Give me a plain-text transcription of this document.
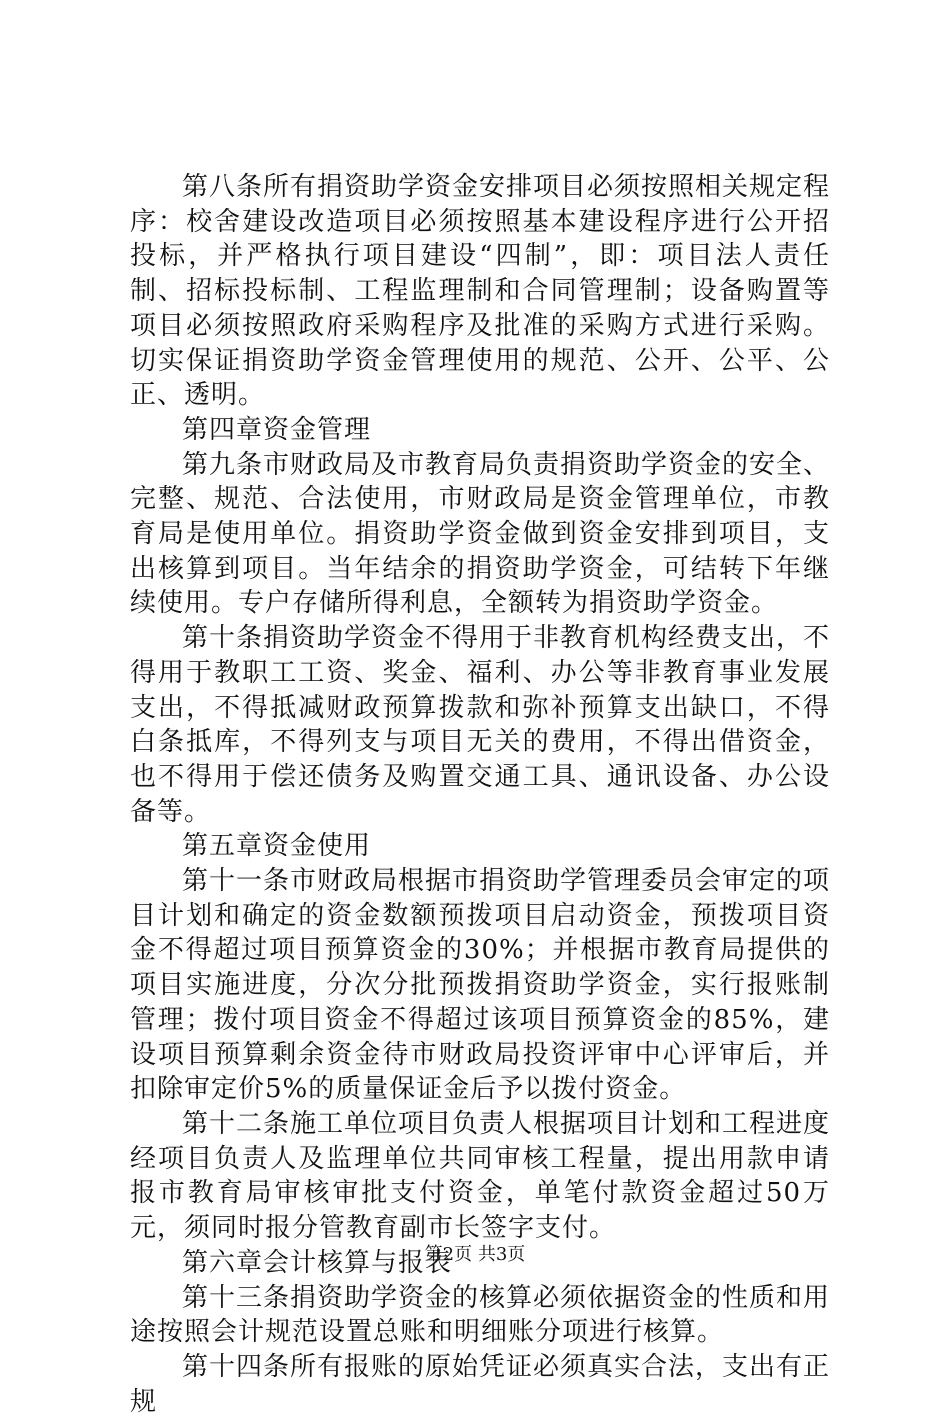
第八条所有捐资助学资金安排项目必须按照相关规定程序：校舍建设改造项目必须按照基本建设程序进行公开招投标，并严格执行项目建设“四制”，即：项目法人责任制、招标投标制、工程监理制和合同管理制；设备购置等项目必须按照政府采购程序及批准的采购方式进行采购。切实保证捐资助学资金管理使用的规范、公开、公平、公正、透明。

第四章资金管理

第九条市财政局及市教育局负责捐资助学资金的安全、完整、规范、合法使用，市财政局是资金管理单位，市教育局是使用单位。捐资助学资金做到资金安排到项目，支出核算到项目。当年结余的捐资助学资金，可结转下年继续使用。专户存储所得利息，全额转为捐资助学资金。

第十条捐资助学资金不得用于非教育机构经费支出，不得用于教职工工资、奖金、福利、办公等非教育事业发展支出，不得抵减财政预算拨款和弥补预算支出缺口，不得白条抵库，不得列支与项目无关的费用，不得出借资金，也不得用于偿还债务及购置交通工具、通讯设备、办公设备等。

第五章资金使用

第十一条市财政局根据市捐资助学管理委员会审定的项目计划和确定的资金数额预拨项目启动资金，预拨项目资金不得超过项目预算资金的30%；并根据市教育局提供的项目实施进度，分次分批预拨捐资助学资金，实行报账制管理；拨付项目资金不得超过该项目预算资金的85%，建设项目预算剩余资金待市财政局投资评审中心评审后，并扣除审定价5%的质量保证金后予以拨付资金。

第十二条施工单位项目负责人根据项目计划和工程进度经项目负责人及监理单位共同审核工程量，提出用款申请报市教育局审核审批支付资金，单笔付款资金超过50万元，须同时报分管教育副市长签字支付。

第六章会计核算与报表

第十三条捐资助学资金的核算必须依据资金的性质和用途按照会计规范设置总账和明细账分项进行核算。

第十四条所有报账的原始凭证必须真实合法，支出有正规

第2页 共3页
